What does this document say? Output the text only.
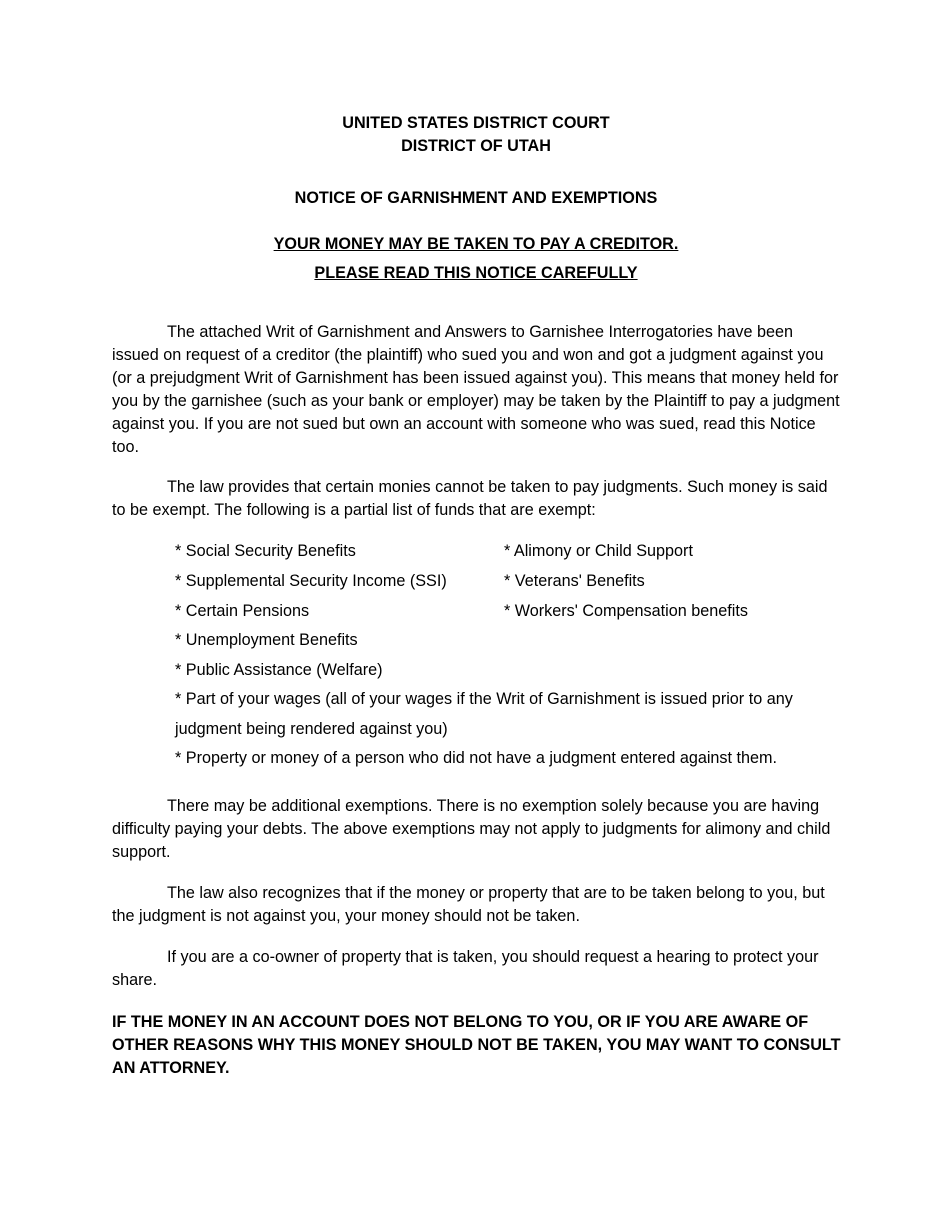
UNITED STATES DISTRICT COURT
DISTRICT OF UTAH
NOTICE OF GARNISHMENT AND EXEMPTIONS
YOUR MONEY MAY BE TAKEN TO PAY A CREDITOR.
PLEASE READ THIS NOTICE CAREFULLY

The attached Writ of Garnishment and Answers to Garnishee Interrogatories have been issued on request of a creditor (the plaintiff) who sued you and won and got a judgment against you (or a prejudgment Writ of Garnishment has been issued against you). This means that money held for you by the garnishee (such as your bank or employer) may be taken by the Plaintiff to pay a judgment against you. If you are not sued but own an account with someone who was sued, read this Notice too.

The law provides that certain monies cannot be taken to pay judgments. Such money is said to be exempt. The following is a partial list of funds that are exempt:

* Social Security Benefits
* Supplemental Security Income (SSI)
* Certain Pensions
* Unemployment Benefits
* Public Assistance (Welfare)
* Alimony or Child Support
* Veterans' Benefits
* Workers' Compensation benefits
* Part of your wages (all of your wages if the Writ of Garnishment is issued prior to any
judgment being rendered against you)
* Property or money of a person who did not have a judgment entered against them.

There may be additional exemptions. There is no exemption solely because you are having difficulty paying your debts. The above exemptions may not apply to judgments for alimony and child support.

The law also recognizes that if the money or property that are to be taken belong to you, but the judgment is not against you, your money should not be taken.

If you are a co-owner of property that is taken, you should request a hearing to protect your share.

IF THE MONEY IN AN ACCOUNT DOES NOT BELONG TO YOU, OR IF YOU ARE AWARE OF OTHER REASONS WHY THIS MONEY SHOULD NOT BE TAKEN, YOU MAY WANT TO CONSULT AN ATTORNEY.
